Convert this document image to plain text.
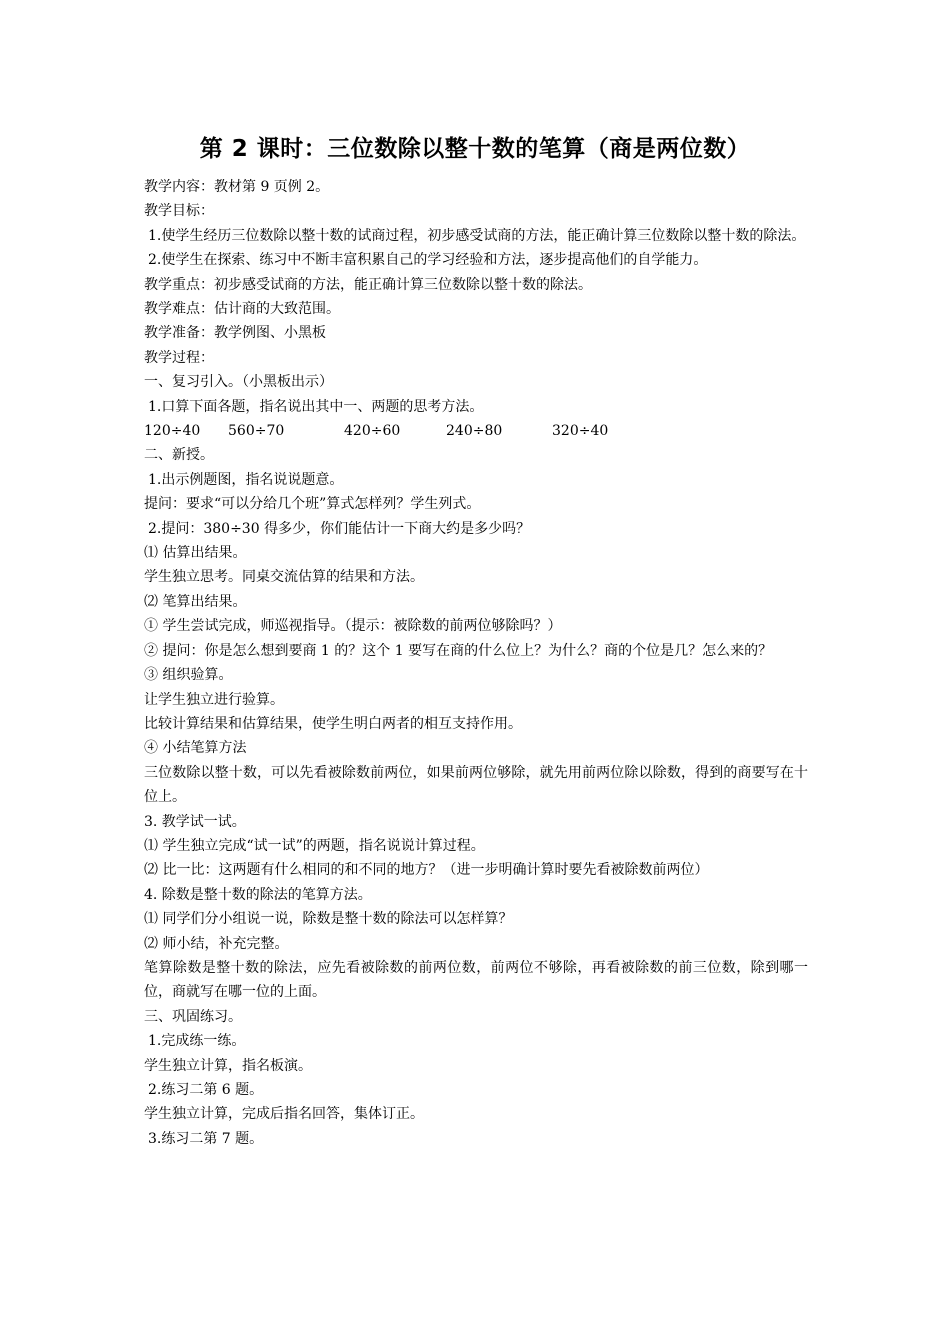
第 2 课时：三位数除以整十数的笔算（商是两位数）

教学内容：教材第 9 页例 2。

教学目标：

1.使学生经历三位数除以整十数的试商过程，初步感受试商的方法，能正确计算三位数除以整十数的除法。

2.使学生在探索、练习中不断丰富积累自己的学习经验和方法，逐步提高他们的自学能力。

教学重点：初步感受试商的方法，能正确计算三位数除以整十数的除法。

教学难点：估计商的大致范围。

教学准备：教学例图、小黑板

教学过程：

一、复习引入。（小黑板出示）

1.口算下面各题，指名说出其中一、两题的思考方法。

120÷40	560÷70	420÷60	240÷80	320÷40

二、新授。

1.出示例题图，指名说说题意。

提问：要求“可以分给几个班”算式怎样列？学生列式。

2.提问：380÷30 得多少，你们能估计一下商大约是多少吗？

⑴ 估算出结果。

学生独立思考。同桌交流估算的结果和方法。

⑵ 笔算出结果。

① 学生尝试完成，师巡视指导。（提示：被除数的前两位够除吗？）

② 提问：你是怎么想到要商 1 的？这个 1 要写在商的什么位上？为什么？商的个位是几？怎么来的？

③ 组织验算。

让学生独立进行验算。

比较计算结果和估算结果，使学生明白两者的相互支持作用。

④ 小结笔算方法

三位数除以整十数，可以先看被除数前两位，如果前两位够除，就先用前两位除以除数，得到的商要写在十位上。

3. 教学试一试。

⑴ 学生独立完成“试一试”的两题，指名说说计算过程。

⑵ 比一比：这两题有什么相同的和不同的地方？（进一步明确计算时要先看被除数前两位）

4. 除数是整十数的除法的笔算方法。

⑴ 同学们分小组说一说，除数是整十数的除法可以怎样算？

⑵ 师小结，补充完整。

笔算除数是整十数的除法，应先看被除数的前两位数，前两位不够除，再看被除数的前三位数，除到哪一位，商就写在哪一位的上面。

三、巩固练习。

1.完成练一练。

学生独立计算，指名板演。

2.练习二第 6 题。

学生独立计算，完成后指名回答，集体订正。

3.练习二第 7 题。
